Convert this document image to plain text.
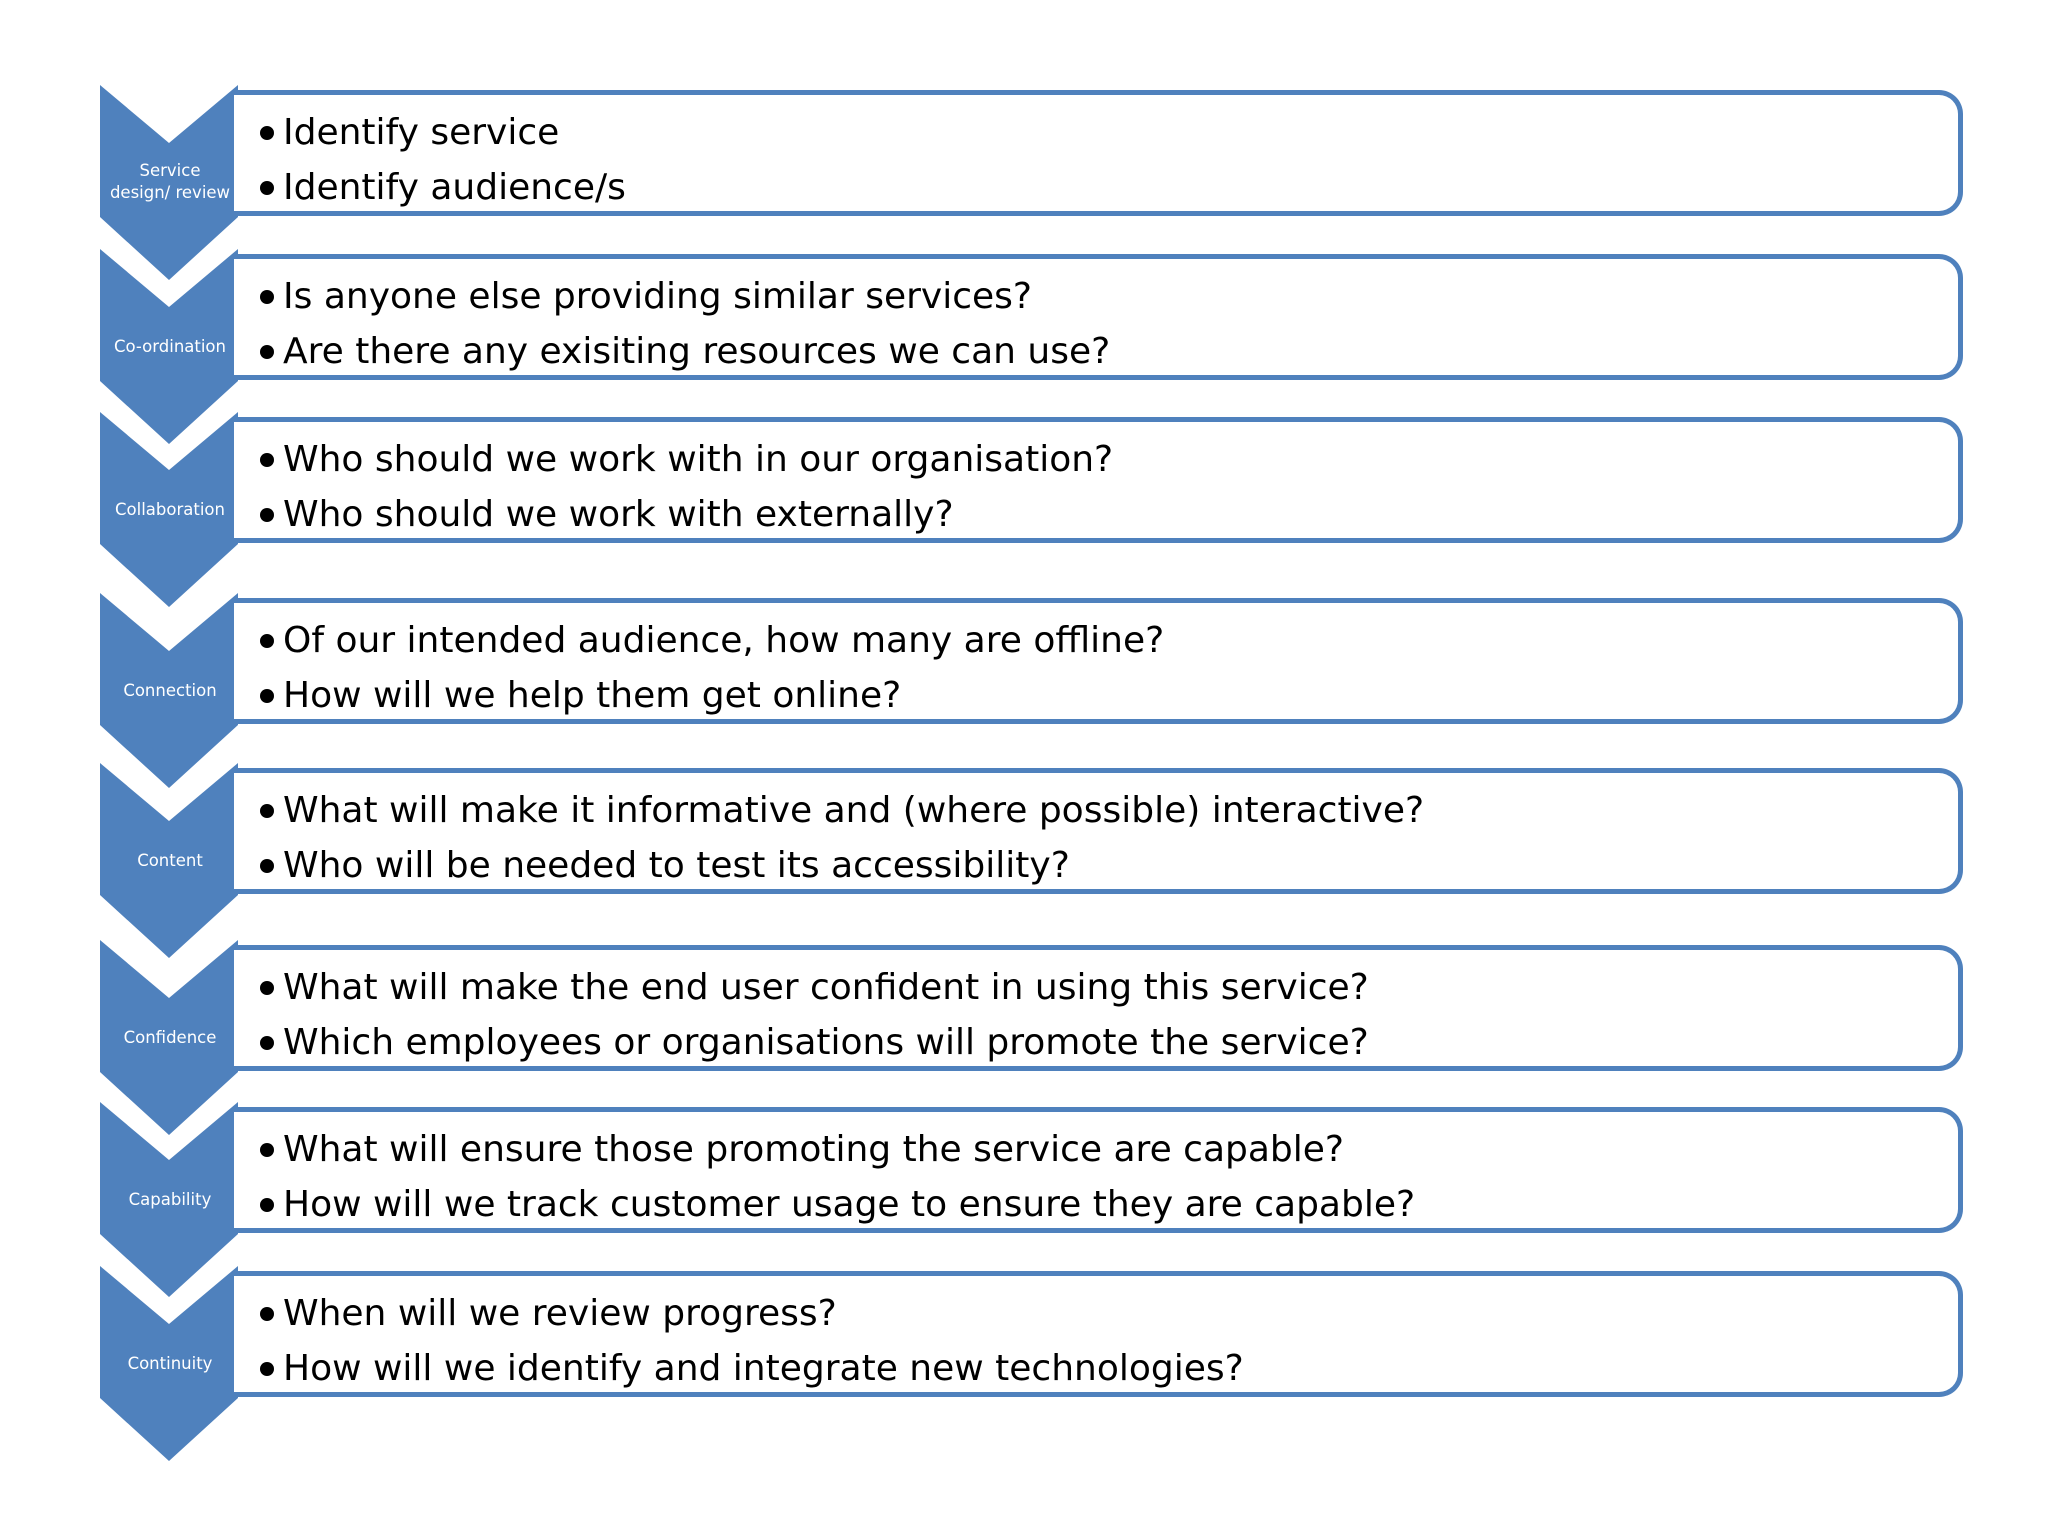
Service
design/ review
Identify service
Identify audience/s
Co-ordination
Is anyone else providing similar services?
Are there any exisiting resources we can use?
Collaboration
Who should we work with in our organisation?
Who should we work with externally?
Connection
Of our intended audience, how many are offline?
How will we help them get online?
Content
What will make it informative and (where possible) interactive?
Who will be needed to test its accessibility?
Confidence
What will make the end user confident in using this service?
Which employees or organisations will promote the service?
Capability
What will ensure those promoting the service are capable?
How will we track customer usage to ensure they are capable?
Continuity
When will we review progress?
How will we identify and integrate new technologies?
